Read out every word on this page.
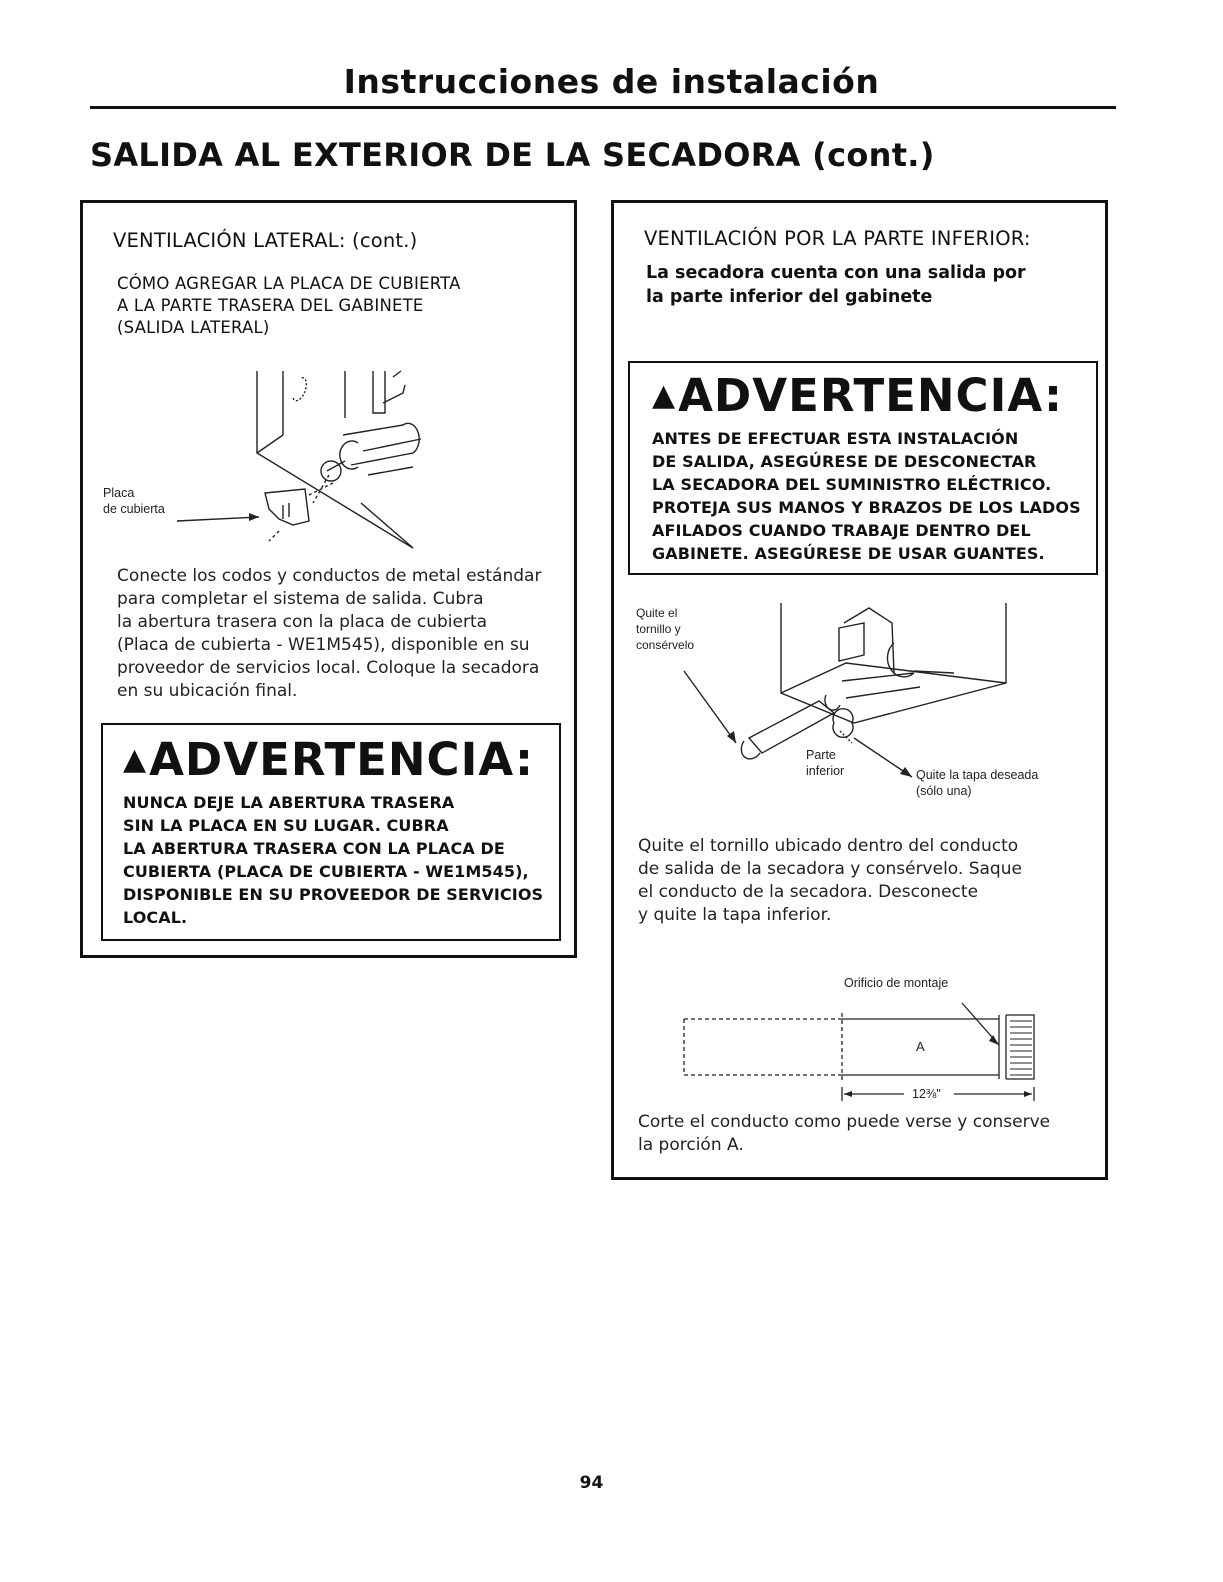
Instrucciones de instalación
SALIDA AL EXTERIOR DE LA SECADORA (cont.)
VENTILACIÓN LATERAL: (cont.)
CÓMO AGREGAR LA PLACA DE CUBIERTA
A LA PARTE TRASERA DEL GABINETE
(SALIDA LATERAL)
Placa
de cubierta
Conecte los codos y conductos de metal estándar
para completar el sistema de salida. Cubra
la abertura trasera con la placa de cubierta
(Placa de cubierta - WE1M545), disponible en su
proveedor de servicios local. Coloque la secadora
en su ubicación final.
▲ADVERTENCIA:
NUNCA DEJE LA ABERTURA TRASERA
SIN LA PLACA EN SU LUGAR. CUBRA
LA ABERTURA TRASERA CON LA PLACA DE
CUBIERTA (PLACA DE CUBIERTA - WE1M545),
DISPONIBLE EN SU PROVEEDOR DE SERVICIOS
LOCAL.
VENTILACIÓN POR LA PARTE INFERIOR:
La secadora cuenta con una salida por
la parte inferior del gabinete
▲ADVERTENCIA:
ANTES DE EFECTUAR ESTA INSTALACIÓN
DE SALIDA, ASEGÚRESE DE DESCONECTAR
LA SECADORA DEL SUMINISTRO ELÉCTRICO.
PROTEJA SUS MANOS Y BRAZOS DE LOS LADOS
AFILADOS CUANDO TRABAJE DENTRO DEL
GABINETE. ASEGÚRESE DE USAR GUANTES.
Quite el
tornillo y
consérvelo
Parte
inferior	Quite la tapa deseada
(sólo una)
Quite el tornillo ubicado dentro del conducto
de salida de la secadora y consérvelo. Saque
el conducto de la secadora. Desconecte
y quite la tapa inferior.
Orificio de montaje
A
12⅜"
Corte el conducto como puede verse y conserve
la porción A.
94
